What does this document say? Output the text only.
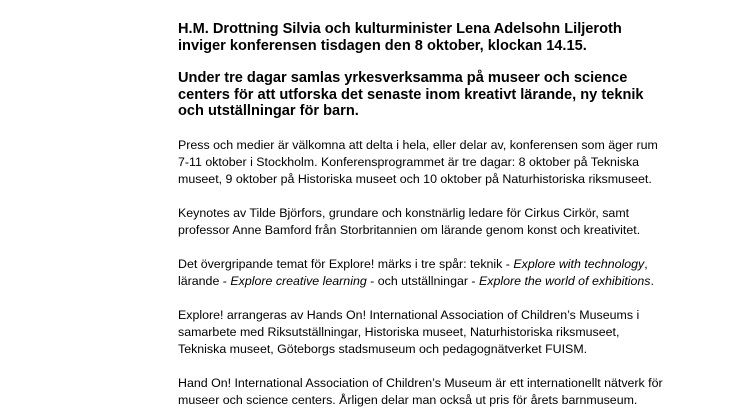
H.M. Drottning Silvia och kulturminister Lena Adelsohn Liljeroth
inviger konferensen tisdagen den 8 oktober, klockan 14.15.

Under tre dagar samlas yrkesverksamma på museer och science
centers för att utforska det senaste inom kreativt lärande, ny teknik
och utställningar för barn.

Press och medier är välkomna att delta i hela, eller delar av, konferensen som äger rum
7-11 oktober i Stockholm. Konferensprogrammet är tre dagar: 8 oktober på Tekniska
museet, 9 oktober på Historiska museet och 10 oktober på Naturhistoriska riksmuseet.

Keynotes av Tilde Björfors, grundare och konstnärlig ledare för Cirkus Cirkör, samt
professor Anne Bamford från Storbritannien om lärande genom konst och kreativitet.

Det övergripande temat för Explore! märks i tre spår: teknik - Explore with technology,
lärande - Explore creative learning - och utställningar - Explore the world of exhibitions.

Explore! arrangeras av Hands On! International Association of Children’s Museums i
samarbete med Riksutställningar, Historiska museet, Naturhistoriska riksmuseet,
Tekniska museet, Göteborgs stadsmuseum och pedagognätverket FUISM.

Hand On! International Association of Children’s Museum är ett internationellt nätverk för
museer och science centers. Årligen delar man också ut pris för årets barnmuseum.
